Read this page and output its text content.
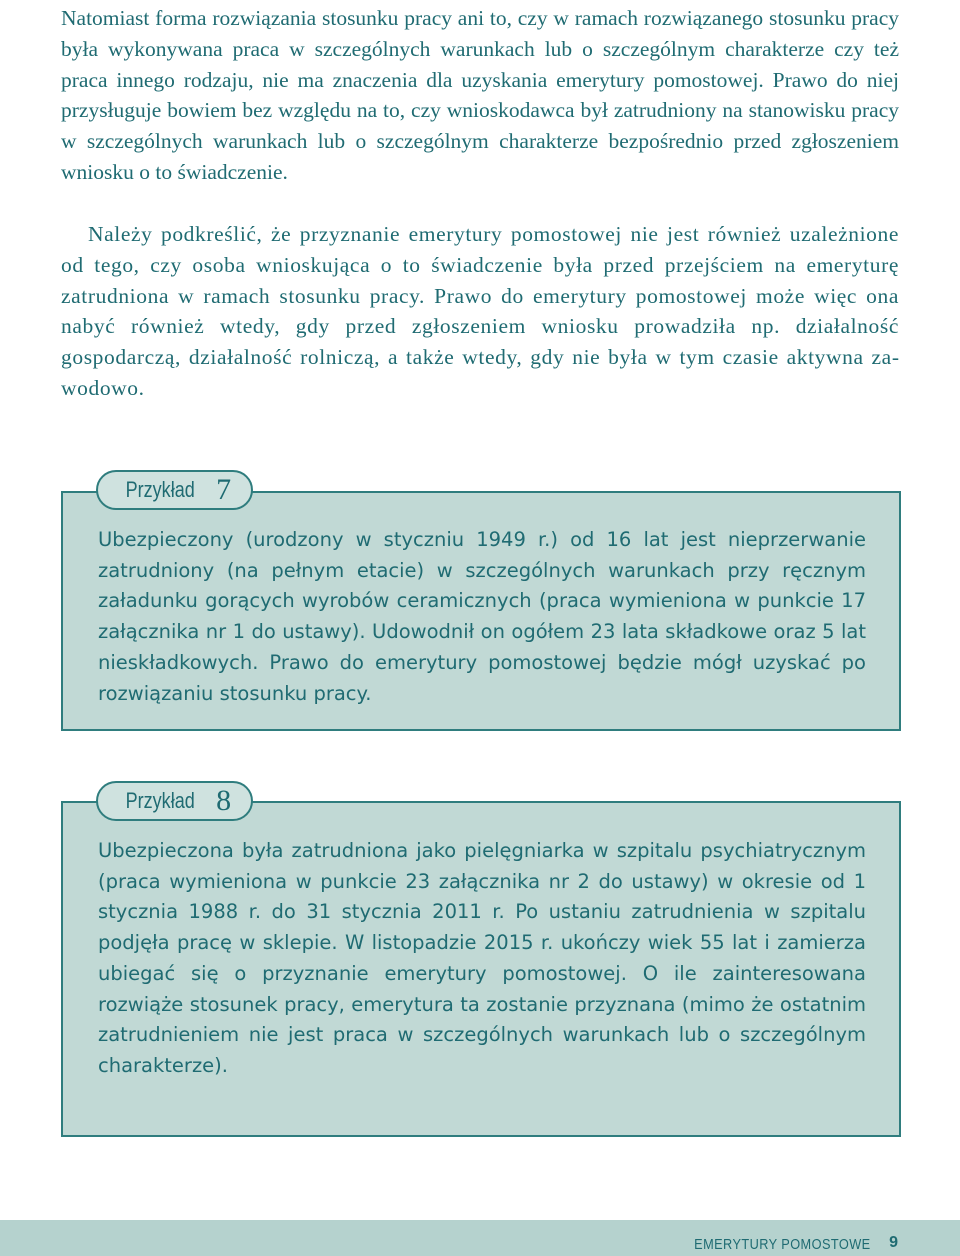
Natomiast forma rozwiązania stosunku pracy ani to, czy w ramach rozwiązanego stosunku pracy była wykonywana praca w szczególnych warunkach lub o szczególnym charakterze czy też praca innego rodzaju, nie ma znaczenia dla uzyskania emerytury pomostowej. Prawo do niej przysługuje bowiem bez względu na to, czy wnioskodawca był zatrudniony na stanowisku pracy w szczególnych warunkach lub o szczególnym charakterze bezpośrednio przed zgłoszeniem wniosku o to świadczenie.

Należy podkreślić, że przyznanie emerytury pomostowej nie jest również uzależnione od tego, czy osoba wnioskująca o to świadczenie była przed przejściem na emeryturę zatrudniona w ramach stosunku pracy. Prawo do emerytury pomostowej może więc ona nabyć również wtedy, gdy przed zgłoszeniem wniosku prowadziła np. działalność gospodarczą, działalność rolniczą, a także wtedy, gdy nie była w tym czasie aktywna zawodowo.

Przykład 7

Ubezpieczony (urodzony w styczniu 1949 r.) od 16 lat jest nieprzerwanie zatrudniony (na pełnym etacie) w szczególnych warunkach przy ręcznym załadunku gorących wyrobów ceramicznych (praca wymieniona w punkcie 17 załącznika nr 1 do ustawy). Udowodnił on ogółem 23 lata składkowe oraz 5 lat nieskładkowych. Prawo do emerytury pomostowej będzie mógł uzyskać po rozwiązaniu stosunku pracy.

Przykład 8

Ubezpieczona była zatrudniona jako pielęgniarka w szpitalu psychiatrycznym (praca wymieniona w punkcie 23 załącznika nr 2 do ustawy) w okresie od 1 stycznia 1988 r. do 31 stycznia 2011 r. Po ustaniu zatrudnienia w szpitalu podjęła pracę w sklepie. W listopadzie 2015 r. ukończy wiek 55 lat i zamierza ubiegać się o przyznanie emerytury pomostowej. O ile zainteresowana rozwiąże stosunek pracy, emerytura ta zostanie przyznana (mimo że ostatnim zatrudnieniem nie jest praca w szczególnych warunkach lub o szczególnym charakterze).

EMERYTURY POMOSTOWE 9
